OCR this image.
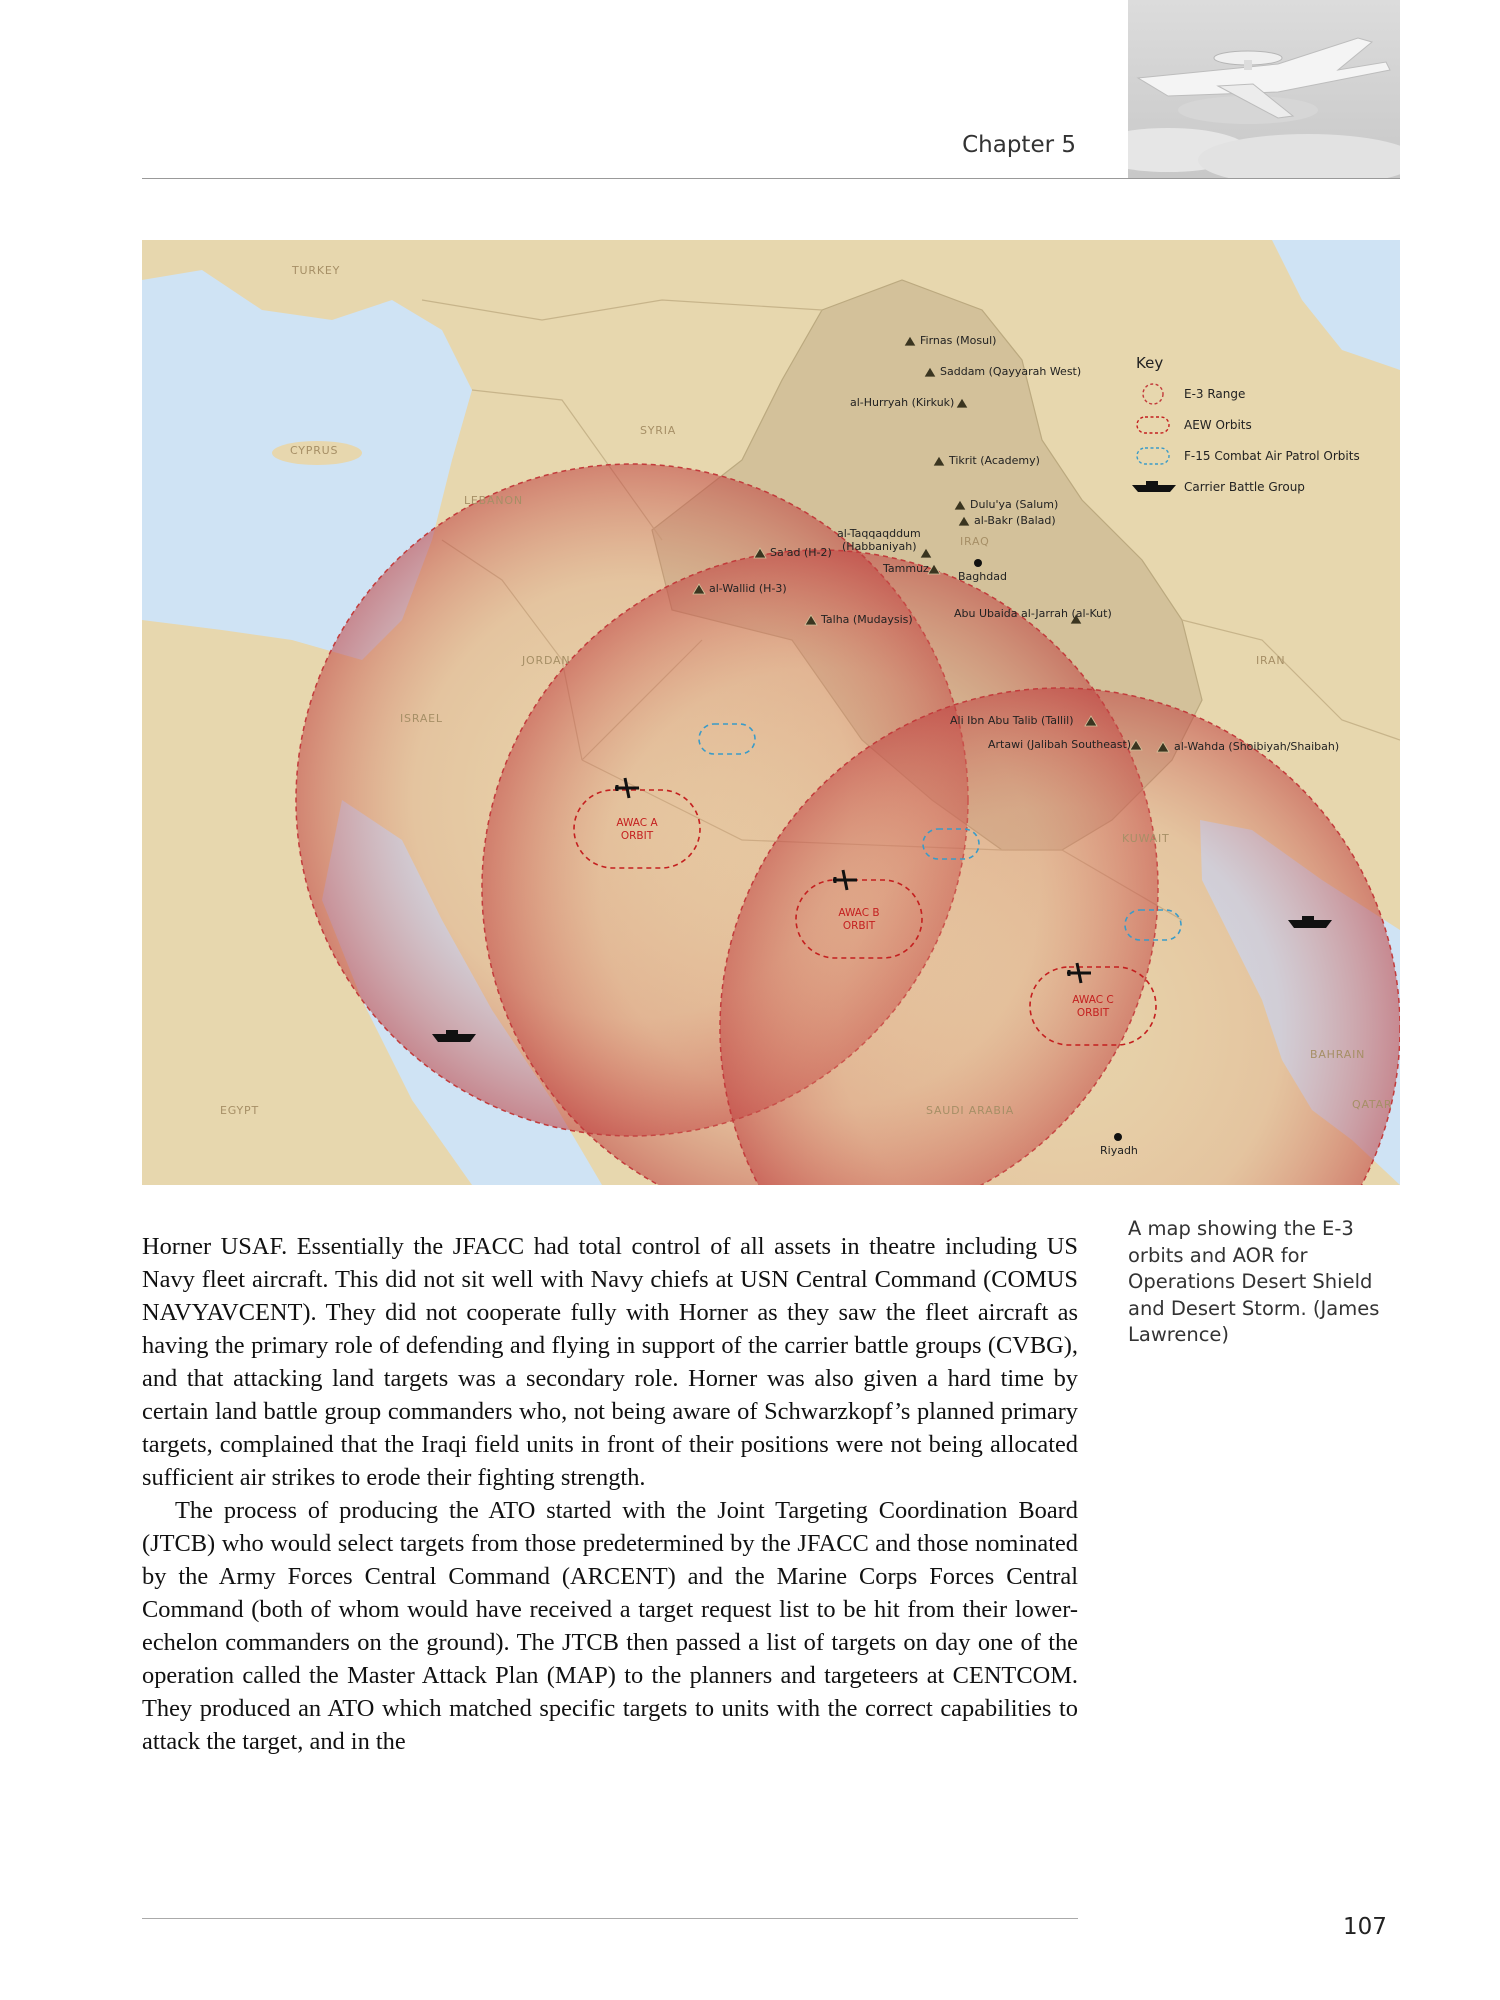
Chapter 5
TURKEY
SYRIA
CYPRUS
LEBANON
ISRAEL
JORDAN
IRAQ
IRAN
KUWAIT
SAUDI ARABIA
EGYPT
BAHRAIN
QATAR
Baghdad
Riyadh
Firnas (Mosul)
Saddam (Qayyarah West)
al-Hurryah (Kirkuk)
Tikrit (Academy)
Dulu'ya (Salum)
al-Bakr (Balad)
Sa'ad (H-2)
al-Wallid (H-3)
Talha (Mudaysis)	Abu Ubaida al-Jarrah (al-Kut)
Ali Ibn Abu Talib (Tallil)
Artawi (Jalibah Southeast)	al-Wahda (Shoibiyah/Shaibah)
Tammuz
al-Taqqaqddum
(Habbaniyah)
AWAC A
ORBIT
AWAC B
ORBIT
AWAC C
ORBIT
Key
E-3 Range
AEW Orbits
F-15 Combat Air Patrol Orbits
Carrier Battle Group
A map showing the E-3 orbits and AOR for Operations Desert Shield and Desert Storm. (James Lawrence)

Horner USAF. Essentially the JFACC had total control of all assets in theatre including US Navy fleet aircraft. This did not sit well with Navy chiefs at USN Central Command (COMUS NAVYAVCENT). They did not cooperate fully with Horner as they saw the fleet aircraft as having the primary role of defending and flying in support of the carrier battle groups (CVBG), and that attacking land targets was a secondary role. Horner was also given a hard time by certain land battle group commanders who, not being aware of Schwarzkopf’s planned primary targets, complained that the Iraqi field units in front of their positions were not being allocated sufficient air strikes to erode their fighting strength.

The process of producing the ATO started with the Joint Targeting Coordination Board (JTCB) who would select targets from those predetermined by the JFACC and those nominated by the Army Forces Central Command (ARCENT) and the Marine Corps Forces Central Command (both of whom would have received a target request list to be hit from their lower-echelon commanders on the ground). The JTCB then passed a list of targets on day one of the operation called the Master Attack Plan (MAP) to the planners and targeteers at CENTCOM. They produced an ATO which matched specific targets to units with the correct capabilities to attack the target, and in the

107
